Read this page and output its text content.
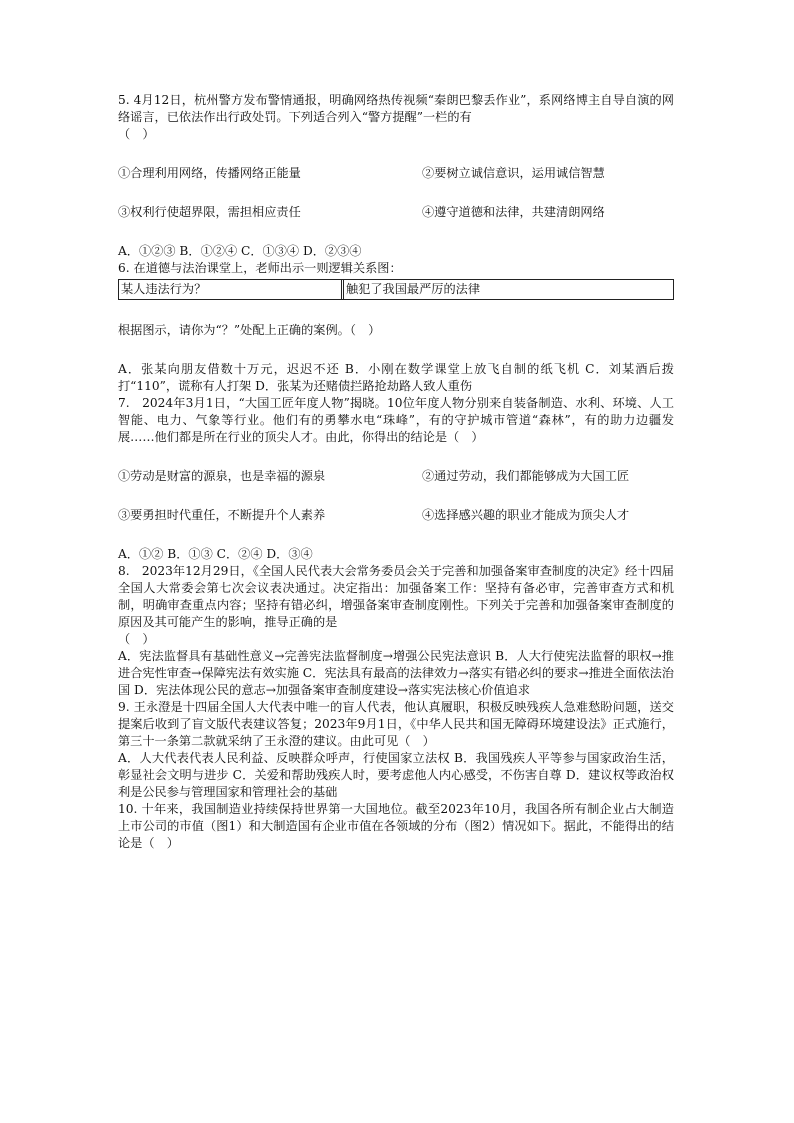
5. 4月12日，杭州警方发布警情通报，明确网络热传视频“秦朗巴黎丢作业”，系网络博主自导自演的网络谣言，已依法作出行政处罚。下列适合列入“警方提醒”一栏的有

（　）

①合理利用网络，传播网络正能量	②要树立诚信意识，运用诚信智慧
③权利行使超界限，需担相应责任	④遵守道德和法律，共建清朗网络

A．①②③ B．①②④ C．①③④ D．②③④

6. 在道德与法治课堂上，老师出示一则逻辑关系图：

某人违法行为？	触犯了我国最严厉的法律

根据图示，请你为“？”处配上正确的案例。（　）

A．张某向朋友借数十万元，迟迟不还 B．小刚在数学课堂上放飞自制的纸飞机 C．刘某酒后拨打“110”，谎称有人打架 D．张某为还赌债拦路抢劫路人致人重伤

7.　2024年3月1日，“大国工匠年度人物”揭晓。10位年度人物分别来自装备制造、水利、环境、人工智能、电力、气象等行业。他们有的勇攀水电“珠峰”，有的守护城市管道“森林”，有的助力边疆发展……他们都是所在行业的顶尖人才。由此，你得出的结论是（　）

①劳动是财富的源泉，也是幸福的源泉	②通过劳动，我们都能够成为大国工匠
③要勇担时代重任，不断提升个人素养	④选择感兴趣的职业才能成为顶尖人才

A．①② B．①③ C．②④ D．③④

8.　2023年12月29日，《全国人民代表大会常务委员会关于完善和加强备案审查制度的决定》经十四届全国人大常委会第七次会议表决通过。决定指出：加强备案工作：坚持有备必审，完善审查方式和机制，明确审查重点内容；坚持有错必纠，增强备案审查制度刚性。下列关于完善和加强备案审查制度的原因及其可能产生的影响，推导正确的是

（　）

A．宪法监督具有基础性意义→完善宪法监督制度→增强公民宪法意识 B．人大行使宪法监督的职权→推进合宪性审查→保障宪法有效实施 C．宪法具有最高的法律效力→落实有错必纠的要求→推进全面依法治国 D．宪法体现公民的意志→加强备案审查制度建设→落实宪法核心价值追求

9. 王永澄是十四届全国人大代表中唯一的盲人代表，他认真履职，积极反映残疾人急难愁盼问题，送交提案后收到了盲文版代表建议答复；2023年9月1日，《中华人民共和国无障碍环境建设法》正式施行，第三十一条第二款就采纳了王永澄的建议。由此可见（　）

A．人大代表代表人民利益、反映群众呼声，行使国家立法权 B．我国残疾人平等参与国家政治生活，彰显社会文明与进步 C．关爱和帮助残疾人时，要考虑他人内心感受，不伤害自尊 D．建议权等政治权利是公民参与管理国家和管理社会的基础

10. 十年来，我国制造业持续保持世界第一大国地位。截至2023年10月，我国各所有制企业占大制造上市公司的市值（图1）和大制造国有企业市值在各领域的分布（图2）情况如下。据此，不能得出的结论是（　）
